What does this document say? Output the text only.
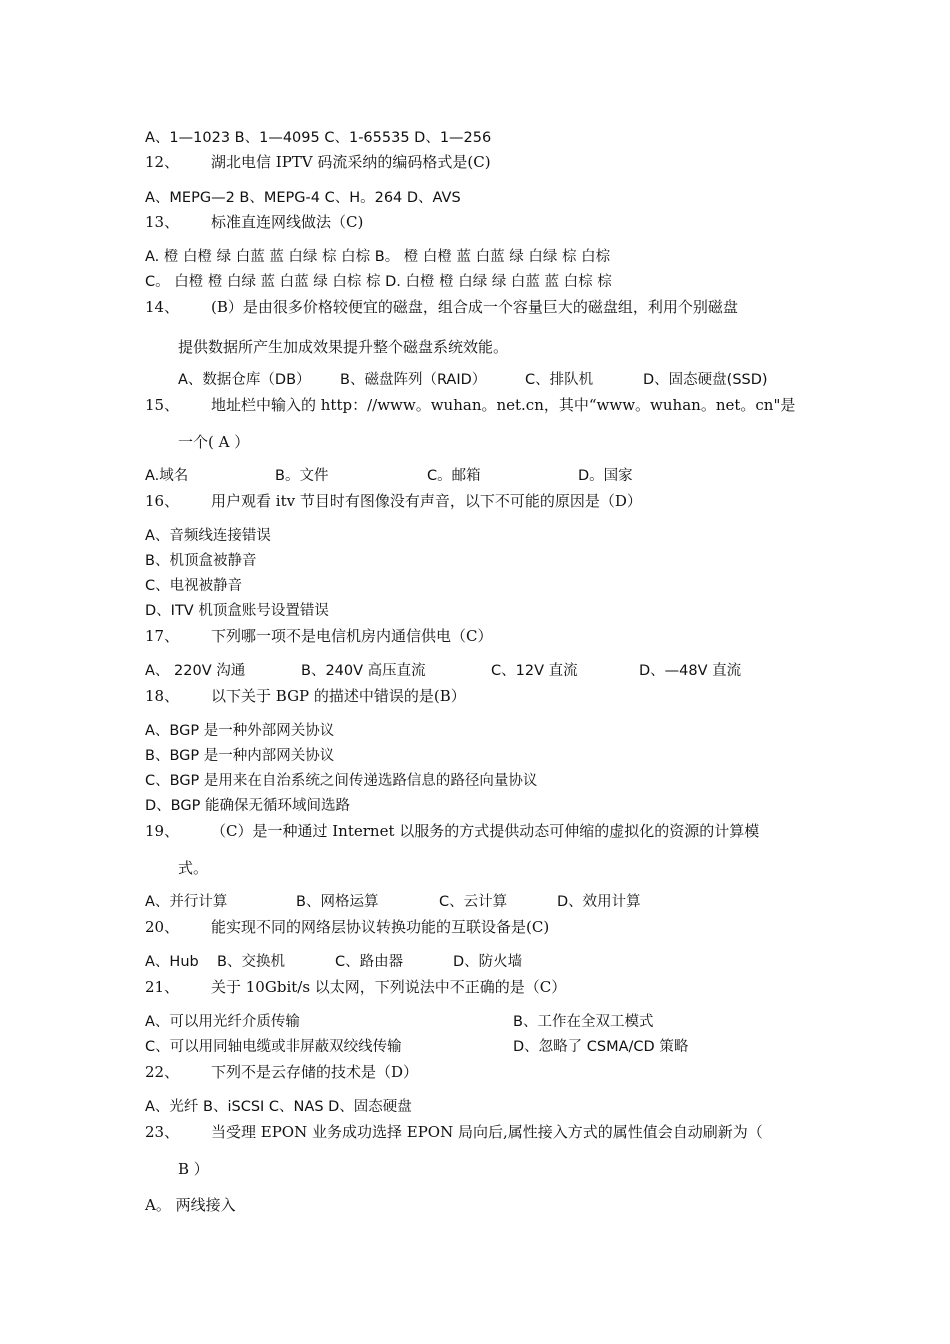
A、1—1023 B、1—4095 C、1-65535 D、1—256
12、 湖北电信 IPTV 码流采纳的编码格式是(C)
A、MEPG—2 B、MEPG-4 C、H。264 D、AVS
13、 标准直连网线做法（C)
A. 橙 白橙 绿 白蓝 蓝 白绿 棕 白棕 B。 橙 白橙 蓝 白蓝 绿 白绿 棕 白棕
C。 白橙 橙 白绿 蓝 白蓝 绿 白棕 棕 D. 白橙 橙 白绿 绿 白蓝 蓝 白棕 棕
14、 (B）是由很多价格较便宜的磁盘，组合成一个容量巨大的磁盘组，利用个别磁盘
提供数据所产生加成效果提升整个磁盘系统效能。
A、数据仓库（DB） B、磁盘阵列（RAID）	C、排队机	D、固态硬盘(SSD)
15、 地址栏中输入的 http：//www。wuhan。net.cn，其中“www。wuhan。net。cn"是
一个( A ）
A.域名	B。文件	C。邮箱	D。国家
16、 用户观看 itv 节目时有图像没有声音，以下不可能的原因是（D）
A、音频线连接错误
B、机顶盒被静音
C、电视被静音
D、ITV 机顶盒账号设置错误
17、 下列哪一项不是电信机房内通信供电（C）
A、 220V 沟通	B、240V 高压直流	C、12V 直流	D、—48V 直流
18、 以下关于 BGP 的描述中错误的是(B）
A、BGP 是一种外部网关协议
B、BGP 是一种内部网关协议
C、BGP 是用来在自治系统之间传递选路信息的路径向量协议
D、BGP 能确保无循环域间选路
19、 （C）是一种通过 Internet 以服务的方式提供动态可伸缩的虚拟化的资源的计算模
式。
A、并行计算	B、网格运算	C、云计算	D、效用计算
20、 能实现不同的网络层协议转换功能的互联设备是(C)
A、Hub B、交换机	C、路由器	D、防火墙
21、 关于 10Gbit/s 以太网，下列说法中不正确的是（C）
A、可以用光纤介质传输	B、工作在全双工模式
C、可以用同轴电缆或非屏蔽双绞线传输	D、忽略了 CSMA/CD 策略
22、 下列不是云存储的技术是（D）
A、光纤 B、iSCSI C、NAS D、固态硬盘
23、 当受理 EPON 业务成功选择 EPON 局向后,属性接入方式的属性值会自动刷新为（
B ）
A。 两线接入
